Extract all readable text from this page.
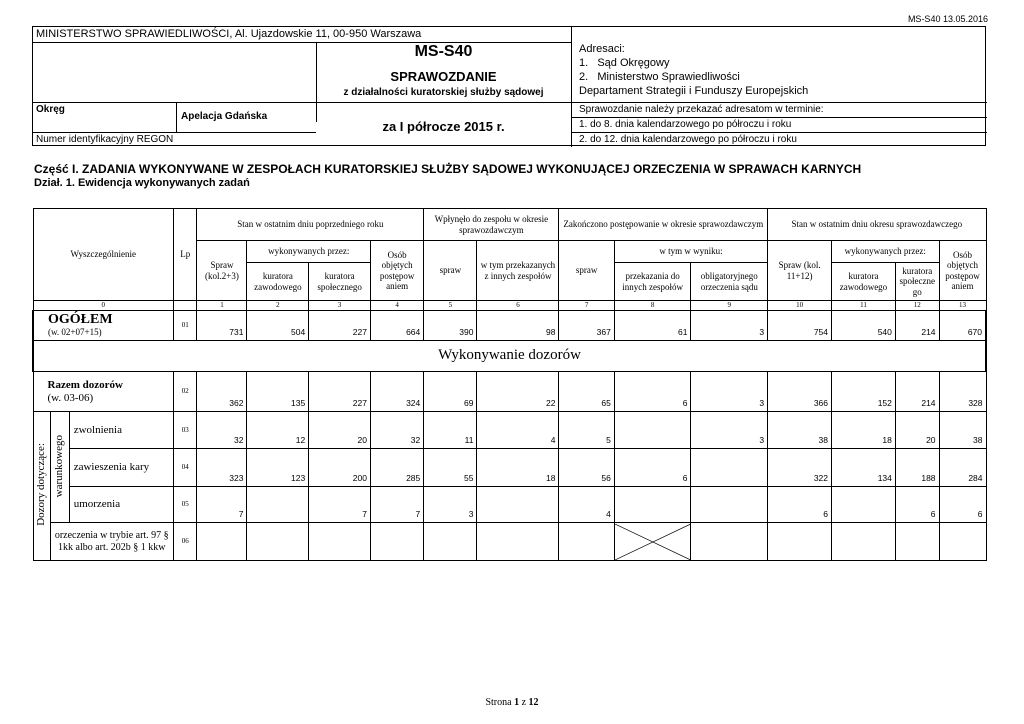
MS-S40 13.05.2016
MINISTERSTWO SPRAWIEDLIWOŚCI, Al. Ujazdowskie 11, 00-950 Warszawa
MS-S40
SPRAWOZDANIE
z działalności kuratorskiej służby sądowej
Adresaci:
1.   Sąd Okręgowy
2.   Ministerstwo Sprawiedliwości
Departament Strategii i Funduszy Europejskich
Okręg
Apelacja Gdańska
za I półrocze 2015 r.
Sprawozdanie należy przekazać adresatom w terminie:
1. do 8. dnia kalendarzowego po półroczu i roku
2. do 12. dnia kalendarzowego po półroczu i roku
Numer identyfikacyjny REGON
Część I. ZADANIA WYKONYWANE W ZESPOŁACH KURATORSKIEJ SŁUŻBY SĄDOWEJ WYKONUJĄCEJ ORZECZENIA W SPRAWACH KARNYCH
Dział. 1. Ewidencja wykonywanych zadań
Wyszczególnienie			Lp	Stan w ostatnim dniu poprzedniego roku				Wpłynęło do zespołu w okresie sprawozdawczym		Zakończono postępowanie w okresie sprawozdawczym			Stan w ostatnim dniu okresu sprawozdawczego			
				Spraw (kol.2+3)	wykonywanych przez:		Osób objętych postępow aniem	spraw	w tym przekazanych z innych zespołów	spraw	w tym w wyniku:		Spraw (kol. 11+12)	wykonywanych przez:		Osób objętych postępow aniem
					kuratora zawodowego	kuratora społecznego					przekazania do innych zespołów	obligatoryjnego orzeczenia sądu		kuratora zawodowego	kuratora społeczne go	
0				1	2	3	4	5	6	7	8	9	10	11	12	13

OGÓŁEM
(w. 02+07+15)			01	731	504	227	664	390	98	367	61	3	754	540	214	670
Wykonywanie dozorów																

Razem dozorów
(w. 03-06)			02	362	135	227	324	69	22	65	6	3	366	152	214	328
Dozory dotyczące:	warunkowego	zwolnienia	03	32	12	20	32	11	4	5		3	38	18	20	38
		zawieszenia kary	04	323	123	200	285	55	18	56	6		322	134	188	284
		umorzenia	05	7		7	7	3		4			6		6	6
	orzeczenia w trybie art. 97 § 1kk albo art. 202b § 1 kkw		06								

Strona 1 z 12
